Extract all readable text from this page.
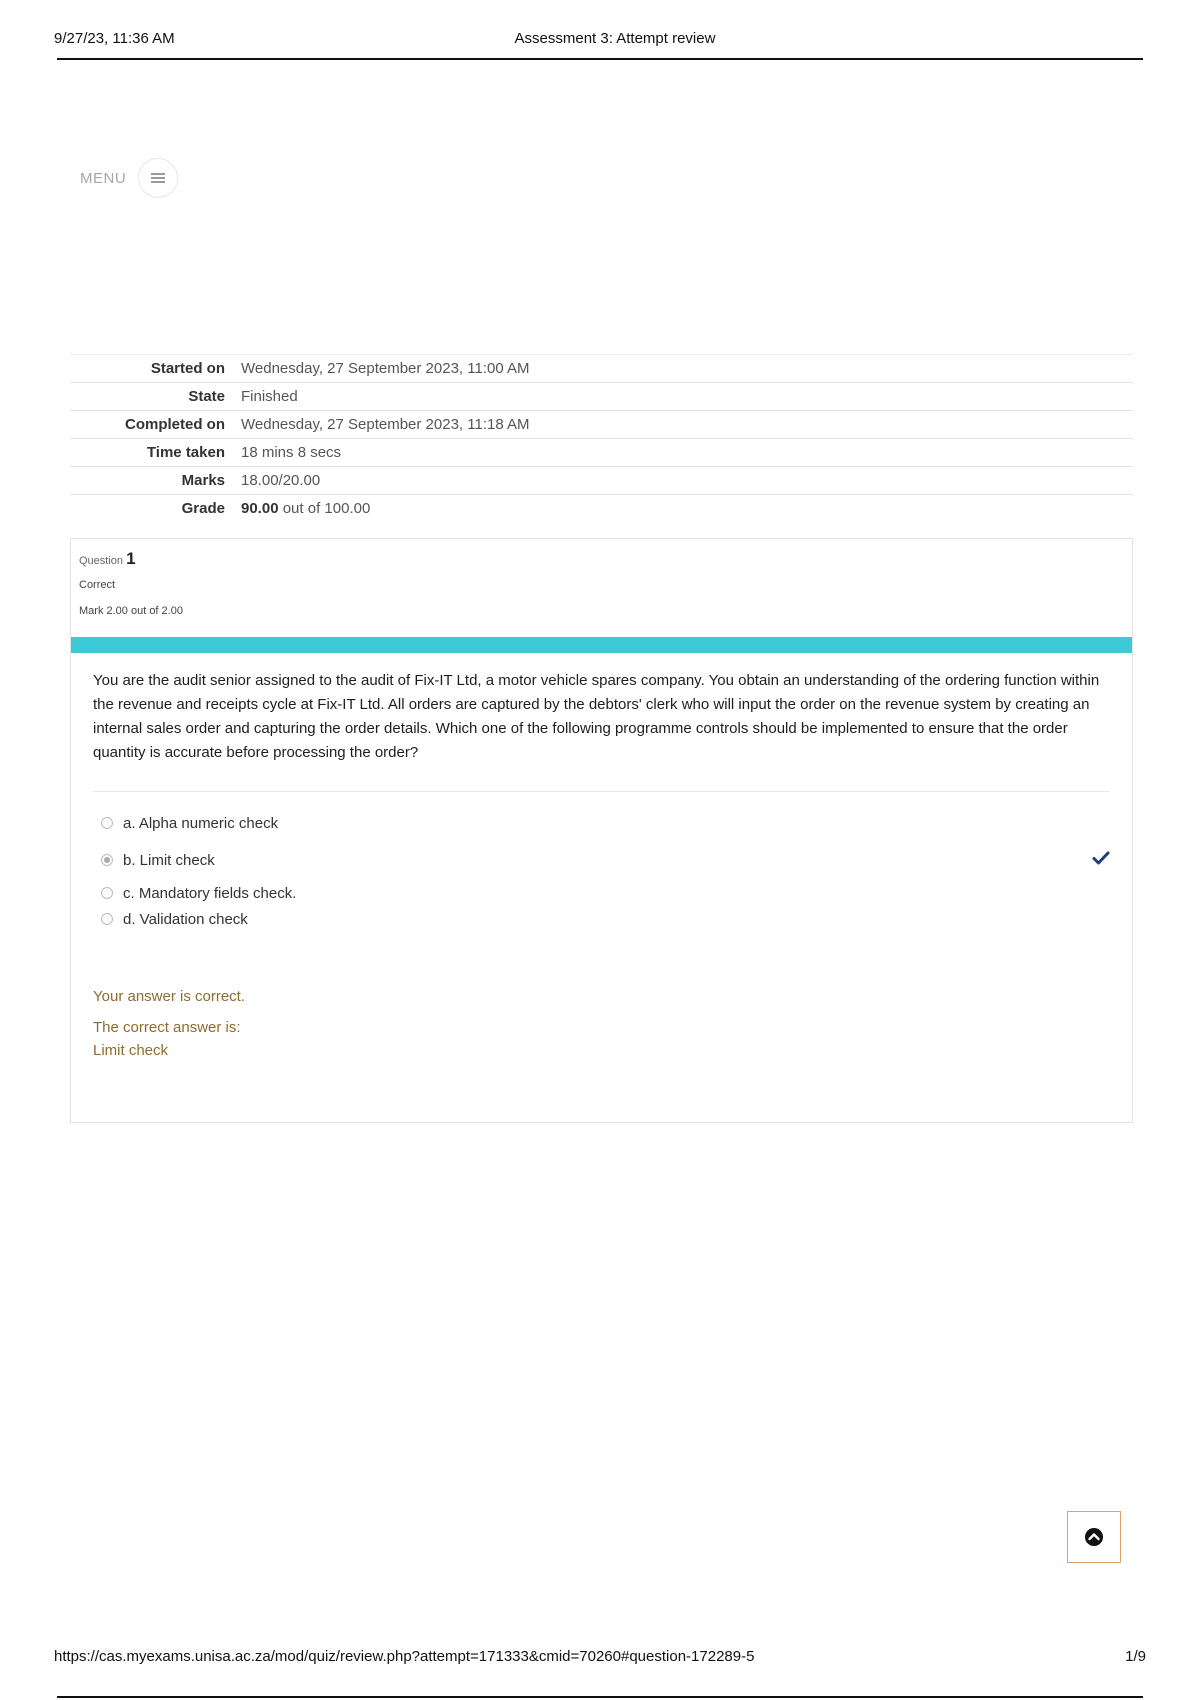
9/27/23, 11:36 AM	Assessment 3: Attempt review
MENU
Started on	Wednesday, 27 September 2023, 11:00 AM
State	Finished
Completed on	Wednesday, 27 September 2023, 11:18 AM
Time taken	18 mins 8 secs
Marks	18.00/20.00
Grade	90.00 out of 100.00
Question 1
Correct
Mark 2.00 out of 2.00
You are the audit senior assigned to the audit of Fix-IT Ltd, a motor vehicle spares company. You obtain an understanding of the ordering function within the revenue and receipts cycle at Fix-IT Ltd. All orders are captured by the debtors' clerk who will input the order on the revenue system by creating an internal sales order and capturing the order details. Which one of the following programme controls should be implemented to ensure that the order quantity is accurate before processing the order?
a. Alpha numeric check
b. Limit check
c. Mandatory fields check.
d. Validation check
Your answer is correct.
The correct answer is:
Limit check
https://cas.myexams.unisa.ac.za/mod/quiz/review.php?attempt=171333&cmid=70260#question-172289-5	1/9
